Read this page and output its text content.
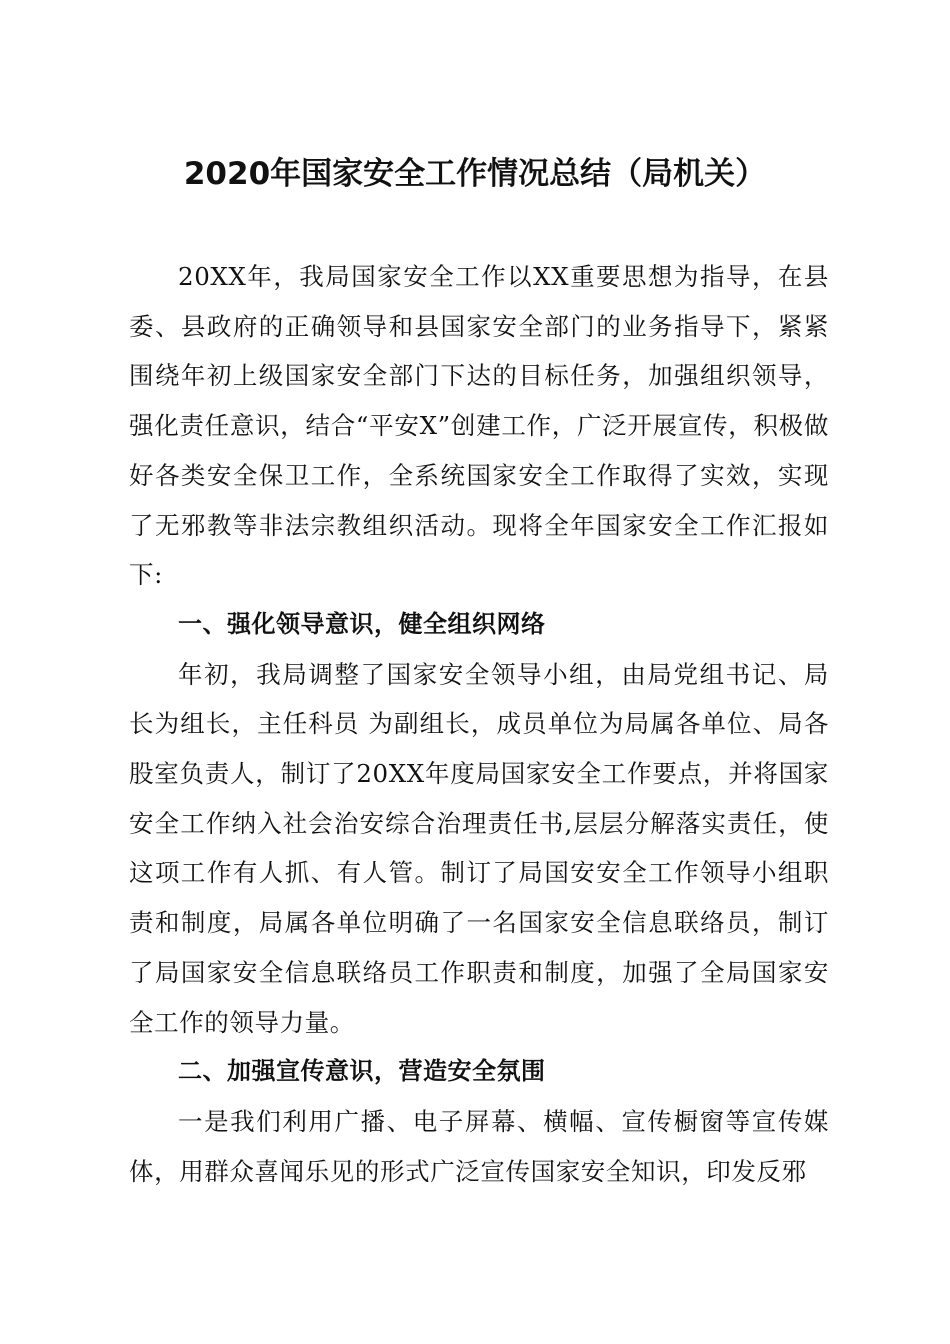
2020年国家安全工作情况总结（局机关）

20XX年，我局国家安全工作以XX重要思想为指导，在县委、县政府的正确领导和县国家安全部门的业务指导下，紧紧围绕年初上级国家安全部门下达的目标任务，加强组织领导，强化责任意识，结合“平安X”创建工作，广泛开展宣传，积极做好各类安全保卫工作，全系统国家安全工作取得了实效，实现了无邪教等非法宗教组织活动。现将全年国家安全工作汇报如下:

一、强化领导意识，健全组织网络

年初，我局调整了国家安全领导小组，由局党组书记、局长为组长，主任科员 为副组长，成员单位为局属各单位、局各股室负责人，制订了20XX年度局国家安全工作要点，并将国家安全工作纳入社会治安综合治理责任书,层层分解落实责任，使这项工作有人抓、有人管。制订了局国安安全工作领导小组职责和制度，局属各单位明确了一名国家安全信息联络员，制订了局国家安全信息联络员工作职责和制度，加强了全局国家安全工作的领导力量。

二、加强宣传意识，营造安全氛围

一是我们利用广播、电子屏幕、横幅、宣传橱窗等宣传媒体，用群众喜闻乐见的形式广泛宣传国家安全知识，印发反邪
